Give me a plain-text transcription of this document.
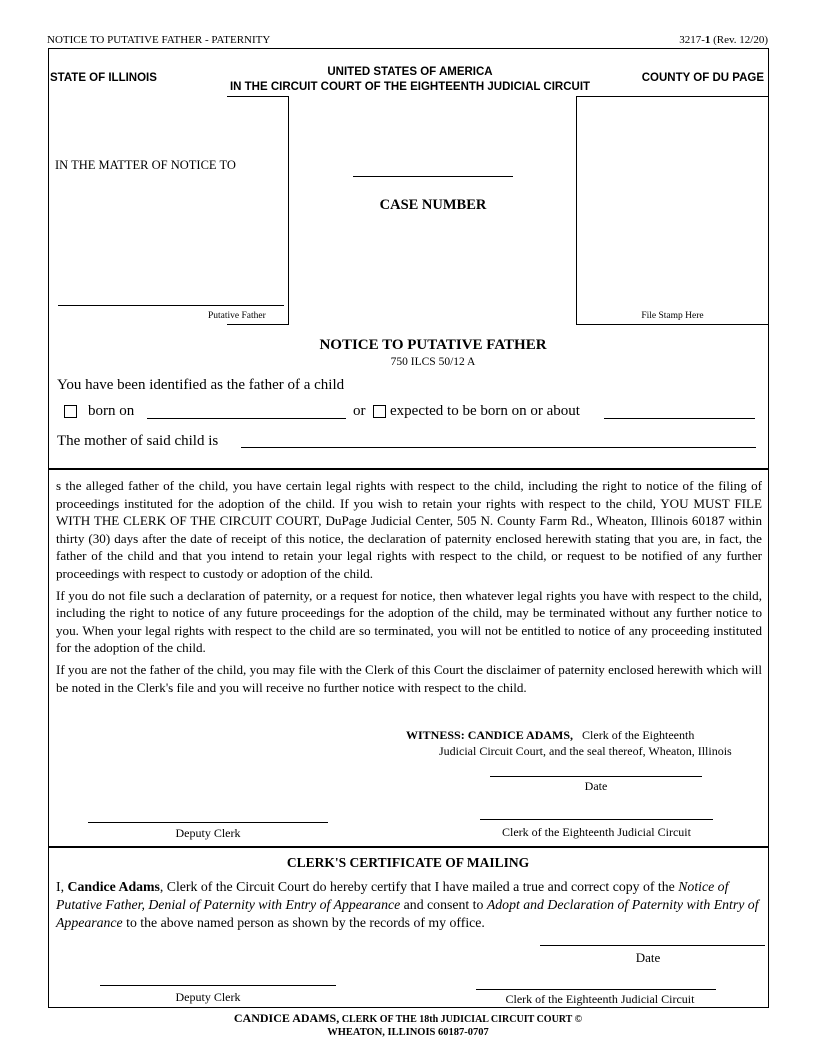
NOTICE TO PUTATIVE FATHER - PATERNITY	3217-1 (Rev. 12/20)
STATE OF ILLINOIS	UNITED STATES OF AMERICA
IN THE CIRCUIT COURT OF THE EIGHTEENTH JUDICIAL CIRCUIT
COUNTY OF DU PAGE
IN THE MATTER OF NOTICE TO
Putative Father
CASE NUMBER
File Stamp Here
NOTICE TO PUTATIVE FATHER
750 ILCS 50/12 A
You have been identified as the father of a child
born on	or expected to be born on or about
The mother of said child is

s the alleged father of the child, you have certain legal rights with respect to the child, including the right to notice of the filing of proceedings instituted for the adoption of the child. If you wish to retain your rights with respect to the child, YOU MUST FILE WITH THE CLERK OF THE CIRCUIT COURT, DuPage Judicial Center, 505 N. County Farm Rd., Wheaton, Illinois 60187 within thirty (30) days after the date of receipt of this notice, the declaration of paternity enclosed herewith stating that you are, in fact, the father of the child and that you intend to retain your legal rights with respect to the child, or request to be notified of any further proceedings with respect to custody or adoption of the child.

If you do not file such a declaration of paternity, or a request for notice, then whatever legal rights you have with respect to the child, including the right to notice of any future proceedings for the adoption of the child, may be terminated without any further notice to you. When your legal rights with respect to the child are so terminated, you will not be entitled to notice of any proceeding instituted for the adoption of the child.

If you are not the father of the child, you may file with the Clerk of this Court the disclaimer of paternity enclosed herewith which will be noted in the Clerk's file and you will receive no further notice with respect to the child.

WITNESS: CANDICE ADAMS, Clerk of the Eighteenth
Judicial Circuit Court, and the seal thereof, Wheaton, Illinois
Date
Deputy Clerk	Clerk of the Eighteenth Judicial Circuit
CLERK'S CERTIFICATE OF MAILING
I, Candice Adams, Clerk of the Circuit Court do hereby certify that I have mailed a true and correct copy of the Notice of Putative Father, Denial of Paternity with Entry of Appearance and consent to Adopt and Declaration of Paternity with Entry of Appearance to the above named person as shown by the records of my office.
Date
Deputy Clerk	Clerk of the Eighteenth Judicial Circuit
CANDICE ADAMS, CLERK OF THE 18th JUDICIAL CIRCUIT COURT ©
WHEATON, ILLINOIS 60187-0707
